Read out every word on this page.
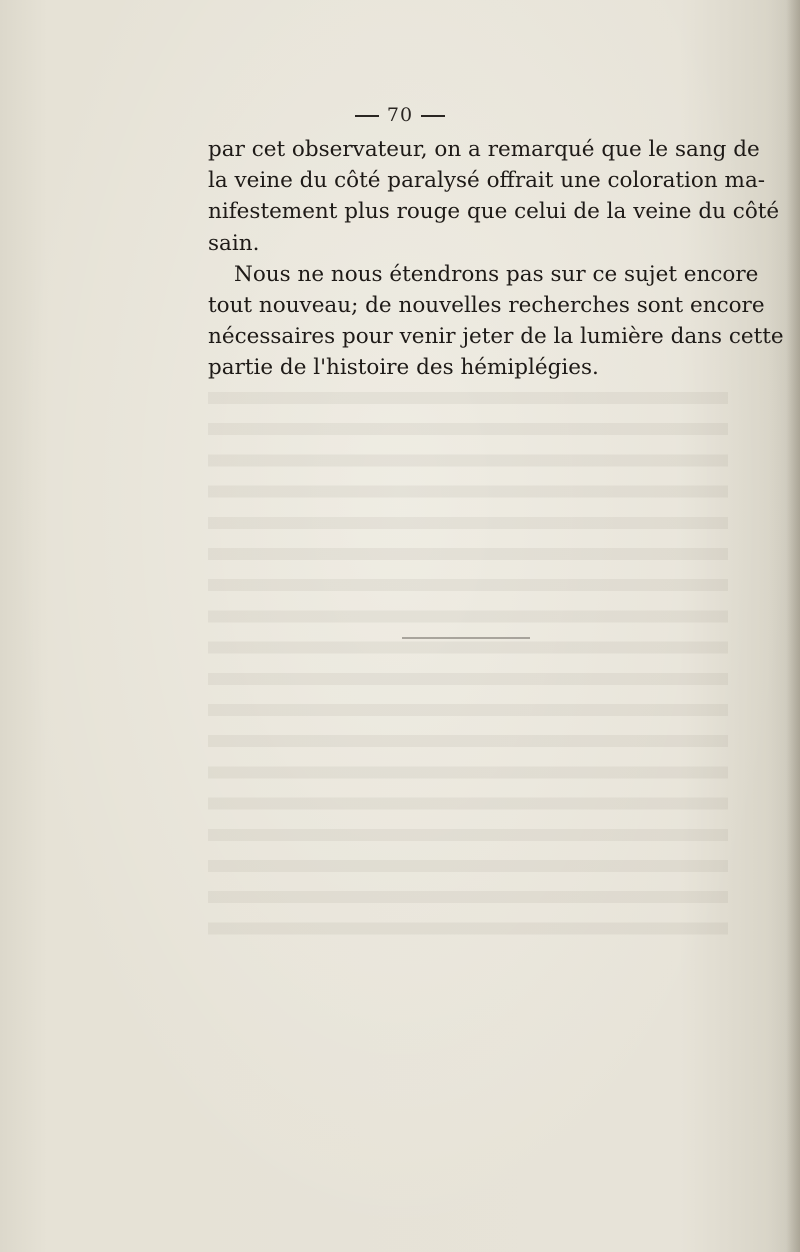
70

par cet observateur, on a remarqué que le sang de
la veine du côté paralysé offrait une coloration ma-
nifestement plus rouge que celui de la veine du côté
sain.

Nous ne nous étendrons pas sur ce sujet encore
tout nouveau; de nouvelles recherches sont encore
nécessaires pour venir jeter de la lumière dans cette
partie de l'histoire des hémiplégies.
